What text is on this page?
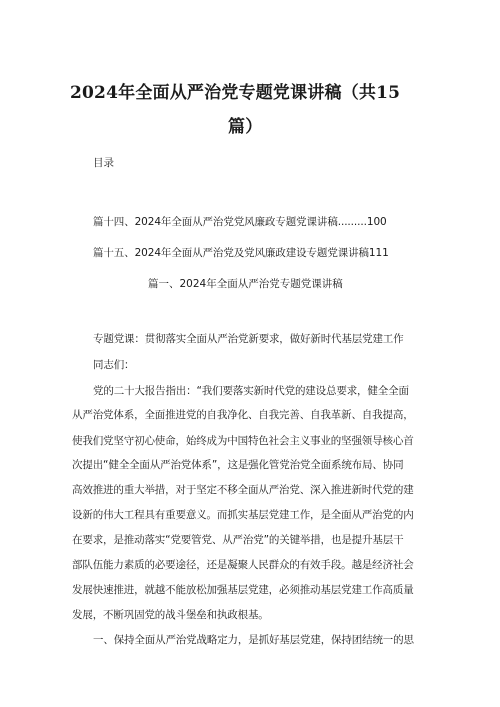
2024年全面从严治党专题党课讲稿（共15
篇）
目录
篇十四、2024年全面从严治党党风廉政专题党课讲稿.........100
篇十五、2024年全面从严治党及党风廉政建设专题党课讲稿111
篇一、2024年全面从严治党专题党课讲稿
专题党课：贯彻落实全面从严治党新要求，做好新时代基层党建工作
同志们：
党的二十大报告指出：“我们要落实新时代党的建设总要求，健全全面
从严治党体系，全面推进党的自我净化、自我完善、自我革新、自我提高，
使我们党坚守初心使命，始终成为中国特色社会主义事业的坚强领导核心首
次提出“健全全面从严治党体系”，这是强化管党治党全面系统布局、协同
高效推进的重大举措，对于坚定不移全面从严治党、深入推进新时代党的建
设新的伟大工程具有重要意义。而抓实基层党建工作，是全面从严治党的内
在要求，是推动落实“党要管党、从严治党”的关键举措，也是提升基层干
部队伍能力素质的必要途径，还是凝聚人民群众的有效手段。越是经济社会
发展快速推进，就越不能放松加强基层党建，必须推动基层党建工作高质量
发展，不断巩固党的战斗堡垒和执政根基。
一、保持全面从严治党战略定力，是抓好基层党建，保持团结统一的思
